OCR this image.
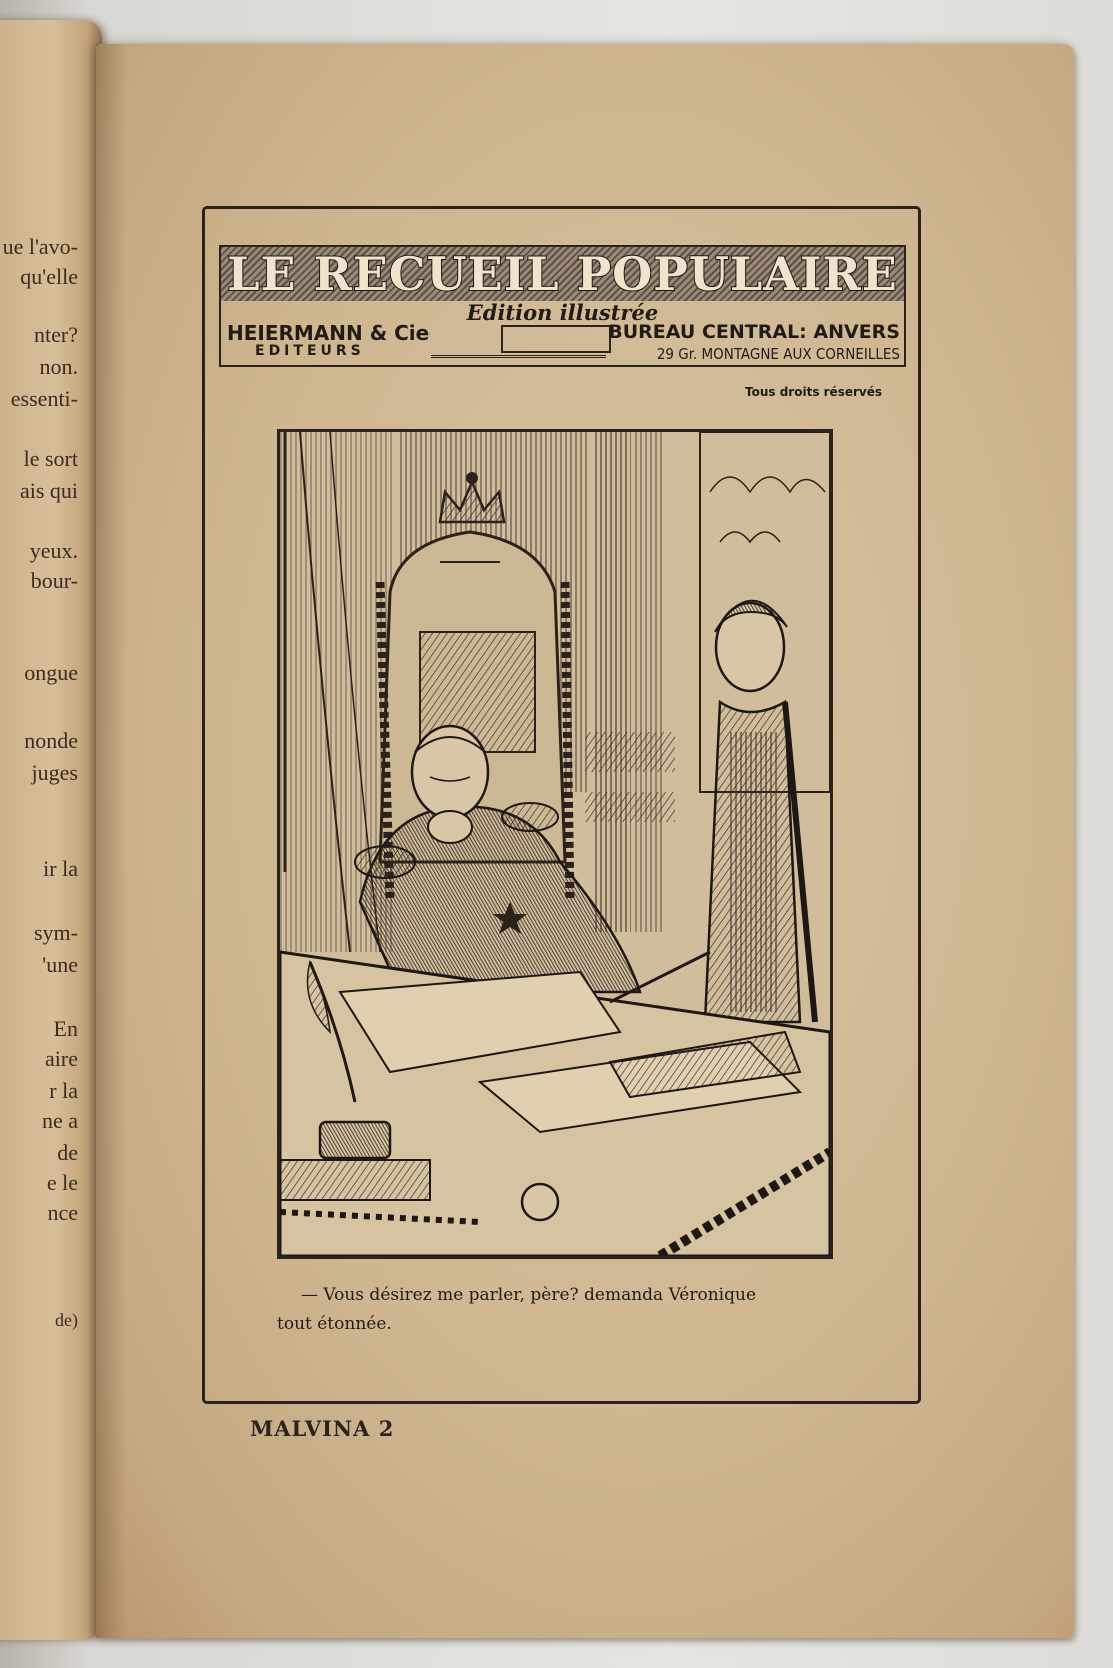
ue l'avo-
qu'elle
nter?
non.
essenti-
le sort
ais qui
yeux.
bour-
ongue
nonde
juges
ir la
sym-
'une
En
aire
r la
ne a
de
e le
nce
de)
LE RECUEIL POPULAIRE
Edition illustrée
HEIERMANN & Cie
EDITEURS
BUREAU CENTRAL: ANVERS
29 Gr. MONTAGNE AUX CORNEILLES
Tous droits réservés

— Vous désirez me parler, père? demanda Véronique

tout étonnée.

MALVINA 2
